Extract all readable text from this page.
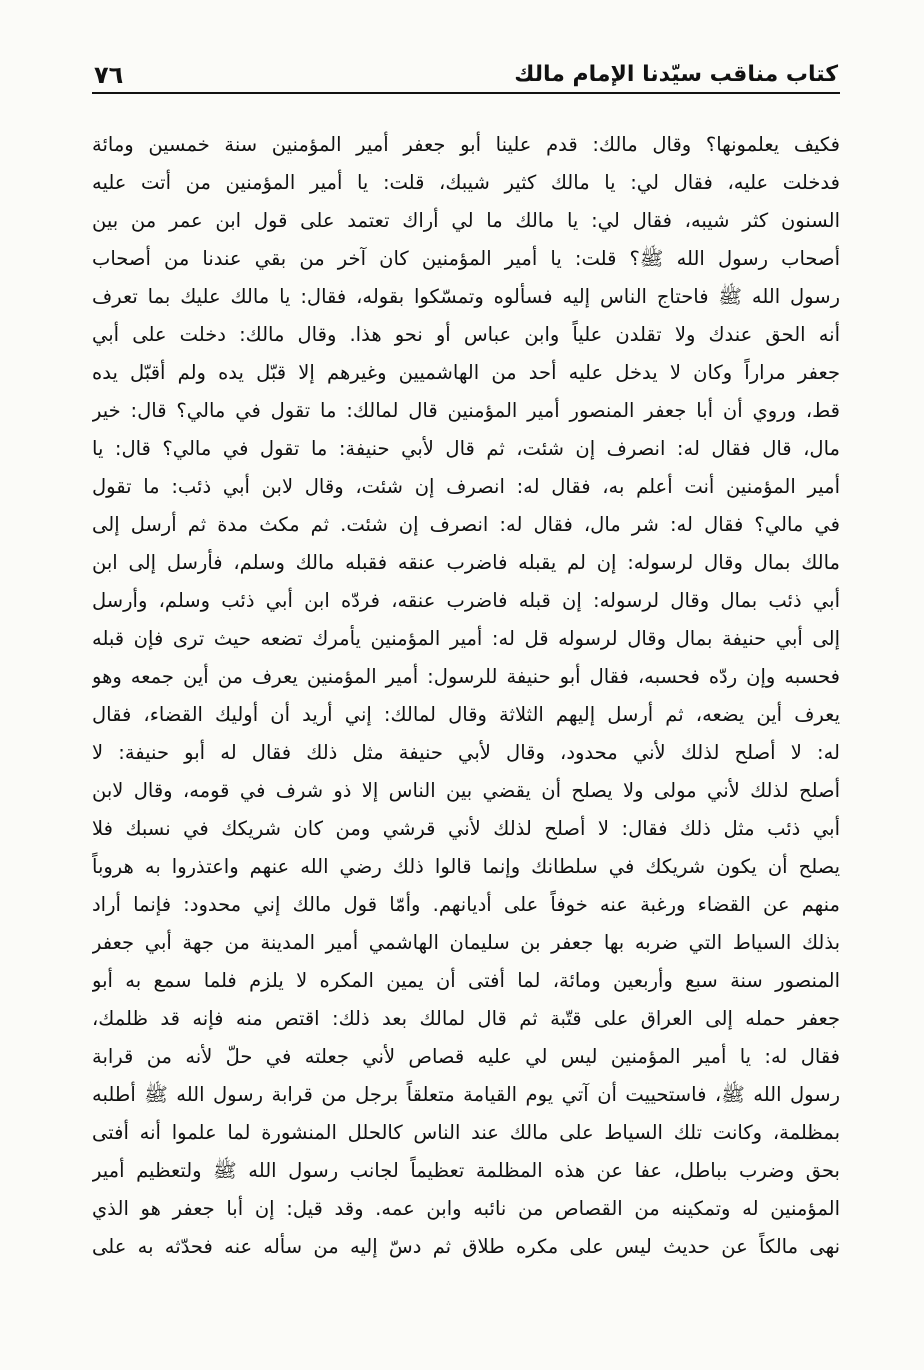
كتاب مناقب سيّدنا الإمام مالك
٧٦
فكيف يعلمونها؟ وقال مالك: قدم علينا أبو جعفر أمير المؤمنين سنة خمسين ومائة
فدخلت عليه، فقال لي: يا مالك كثير شيبك، قلت: يا أمير المؤمنين من أتت عليه
السنون كثر شيبه، فقال لي: يا مالك ما لي أراك تعتمد على قول ابن عمر من بين
أصحاب رسول الله ﷺ؟ قلت: يا أمير المؤمنين كان آخر من بقي عندنا من أصحاب
رسول الله ﷺ فاحتاج الناس إليه فسألوه وتمسّكوا بقوله، فقال: يا مالك عليك بما تعرف
أنه الحق عندك ولا تقلدن علياً وابن عباس أو نحو هذا. وقال مالك: دخلت على أبي
جعفر مراراً وكان لا يدخل عليه أحد من الهاشميين وغيرهم إلا قبّل يده ولم أقبّل يده
قط، وروي أن أبا جعفر المنصور أمير المؤمنين قال لمالك: ما تقول في مالي؟ قال: خير
مال، قال فقال له: انصرف إن شئت، ثم قال لأبي حنيفة: ما تقول في مالي؟ قال: يا
أمير المؤمنين أنت أعلم به، فقال له: انصرف إن شئت، وقال لابن أبي ذئب: ما تقول
في مالي؟ فقال له: شر مال، فقال له: انصرف إن شئت. ثم مكث مدة ثم أرسل إلى
مالك بمال وقال لرسوله: إن لم يقبله فاضرب عنقه فقبله مالك وسلم، فأرسل إلى ابن
أبي ذئب بمال وقال لرسوله: إن قبله فاضرب عنقه، فردّه ابن أبي ذئب وسلم، وأرسل
إلى أبي حنيفة بمال وقال لرسوله قل له: أمير المؤمنين يأمرك تضعه حيث ترى فإن قبله
فحسبه وإن ردّه فحسبه، فقال أبو حنيفة للرسول: أمير المؤمنين يعرف من أين جمعه وهو
يعرف أين يضعه، ثم أرسل إليهم الثلاثة وقال لمالك: إني أريد أن أوليك القضاء، فقال
له: لا أصلح لذلك لأني محدود، وقال لأبي حنيفة مثل ذلك فقال له أبو حنيفة: لا
أصلح لذلك لأني مولى ولا يصلح أن يقضي بين الناس إلا ذو شرف في قومه، وقال لابن
أبي ذئب مثل ذلك فقال: لا أصلح لذلك لأني قرشي ومن كان شريكك في نسبك فلا
يصلح أن يكون شريكك في سلطانك وإنما قالوا ذلك رضي الله عنهم واعتذروا به هروباً
منهم عن القضاء ورغبة عنه خوفاً على أديانهم. وأمّا قول مالك إني محدود: فإنما أراد
بذلك السياط التي ضربه بها جعفر بن سليمان الهاشمي أمير المدينة من جهة أبي جعفر
المنصور سنة سبع وأربعين ومائة، لما أفتى أن يمين المكره لا يلزم فلما سمع به أبو
جعفر حمله إلى العراق على قتّبة ثم قال لمالك بعد ذلك: اقتص منه فإنه قد ظلمك،
فقال له: يا أمير المؤمنين ليس لي عليه قصاص لأني جعلته في حلّ لأنه من قرابة
رسول الله ﷺ، فاستحييت أن آتي يوم القيامة متعلقاً برجل من قرابة رسول الله ﷺ أطلبه
بمظلمة، وكانت تلك السياط على مالك عند الناس كالحلل المنشورة لما علموا أنه أفتى
بحق وضرب بباطل، عفا عن هذه المظلمة تعظيماً لجانب رسول الله ﷺ ولتعظيم أمير
المؤمنين له وتمكينه من القصاص من نائبه وابن عمه. وقد قيل: إن أبا جعفر هو الذي
نهى مالكاً عن حديث ليس على مكره طلاق ثم دسّ إليه من سأله عنه فحدّثه به على
